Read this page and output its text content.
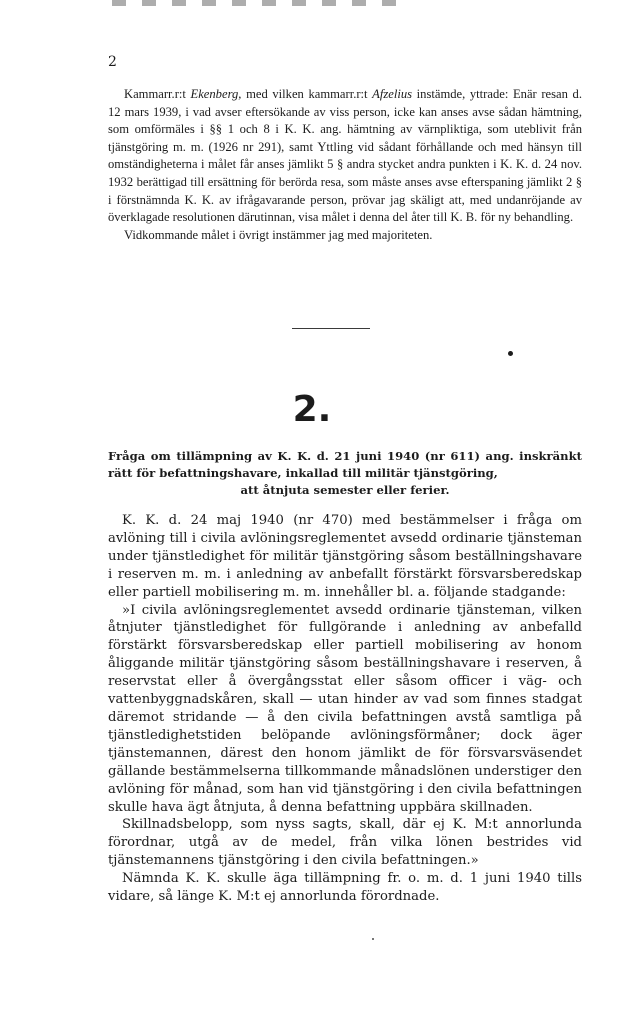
2

Kammarr.r:t Ekenberg, med vilken kammarr.r:t Afzelius instämde, yttrade: Enär resan d. 12 mars 1939, i vad avser eftersökande av viss person, icke kan anses avse sådan hämtning, som omförmäles i §§ 1 och 8 i K. K. ang. hämtning av värnpliktiga, som uteblivit från tjänstgöring m. m. (1926 nr 291), samt Yttling vid sådant förhållande och med hänsyn till omständigheterna i målet får anses jämlikt 5 § andra stycket andra punkten i K. K. d. 24 nov. 1932 berättigad till ersättning för berörda resa, som måste anses avse efterspaning jämlikt 2 § i förstnämnda K. K. av ifrågavarande person, prövar jag skäligt att, med undanröjande av överklagade resolutionen därutinnan, visa målet i denna del åter till K. B. för ny behandling.

Vidkommande målet i övrigt instämmer jag med majoriteten.

2.
Fråga om tillämpning av K. K. d. 21 juni 1940 (nr 611) ang. inskränkt rätt för befattningshavare, inkallad till militär tjänstgöring,
att åtnjuta semester eller ferier.

K. K. d. 24 maj 1940 (nr 470) med bestämmelser i fråga om avlöning till i civila avlöningsreglementet avsedd ordinarie tjänsteman under tjänstledighet för militär tjänstgöring såsom beställningshavare i reserven m. m. i anledning av anbefallt förstärkt försvarsberedskap eller partiell mobilisering m. m. innehåller bl. a. följande stadgande:

»I civila avlöningsreglementet avsedd ordinarie tjänsteman, vilken åtnjuter tjänstledighet för fullgörande i anledning av anbefalld förstärkt försvarsberedskap eller partiell mobilisering av honom åliggande militär tjänstgöring såsom beställningshavare i reserven, å reservstat eller å övergångsstat eller såsom officer i väg- och vattenbyggnadskåren, skall — utan hinder av vad som finnes stadgat däremot stridande — å den civila befattningen avstå samtliga på tjänstledighetstiden belöpande avlöningsförmåner; dock äger tjänstemannen, därest den honom jämlikt de för försvarsväsendet gällande bestämmelserna tillkommande månadslönen understiger den avlöning för månad, som han vid tjänstgöring i den civila befattningen skulle hava ägt åtnjuta, å denna befattning uppbära skillnaden.

Skillnadsbelopp, som nyss sagts, skall, där ej K. M:t annorlunda förordnar, utgå av de medel, från vilka lönen bestrides vid tjänstemannens tjänstgöring i den civila befattningen.»

Nämnda K. K. skulle äga tillämpning fr. o. m. d. 1 juni 1940 tills vidare, så länge K. M:t ej annorlunda förordnade.
